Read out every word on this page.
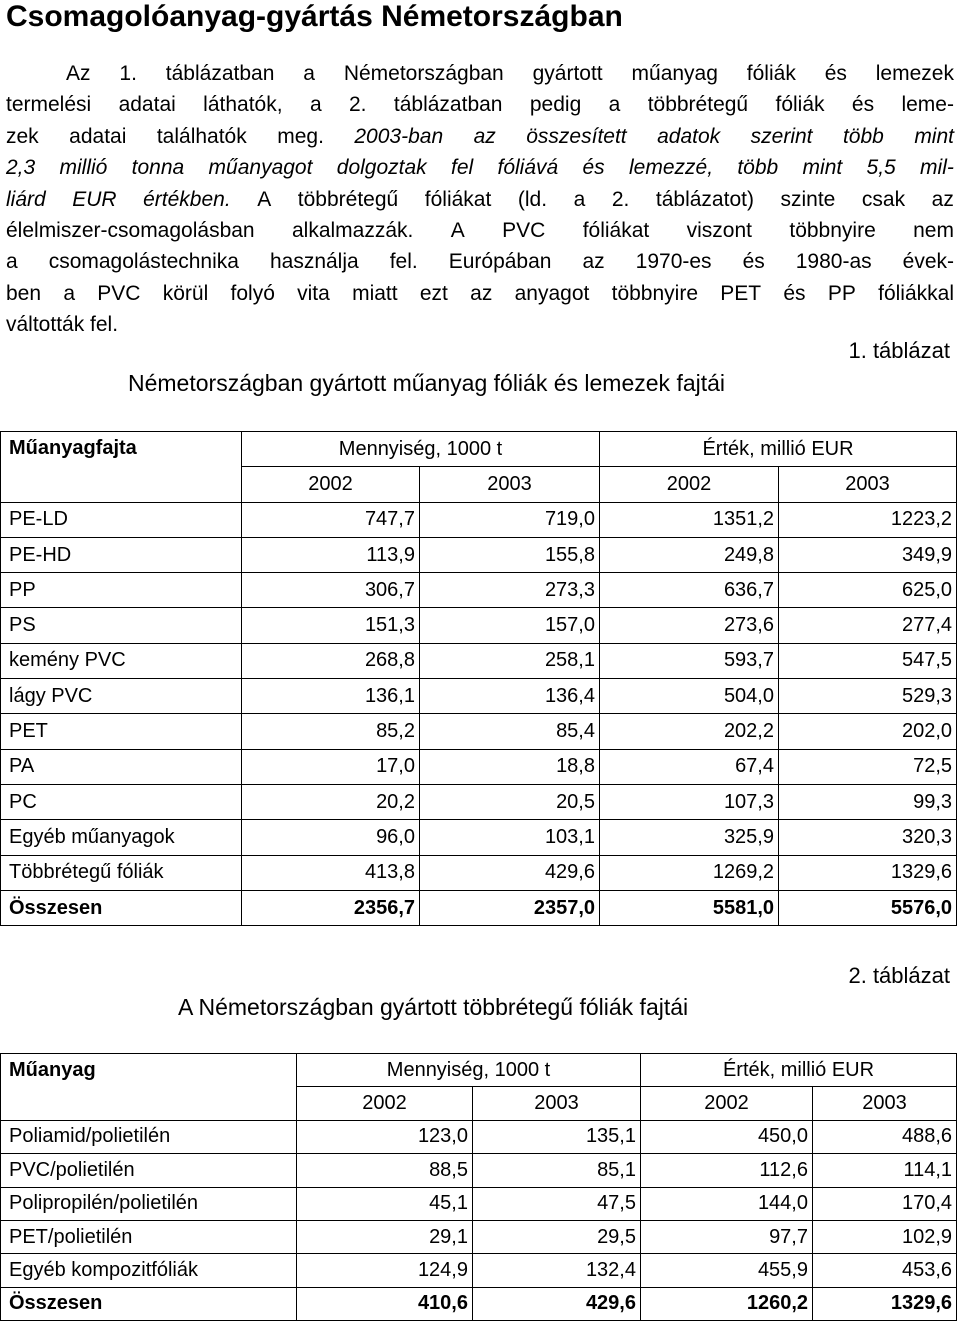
Csomagolóanyag-gyártás Németországban
Az 1. táblázatban a Németországban gyártott műanyag fóliák és lemezek
termelési adatai láthatók, a 2. táblázatban pedig a többrétegű fóliák és leme-
zek adatai találhatók meg. 2003-ban az összesített adatok szerint több mint
2,3 millió tonna műanyagot dolgoztak fel fóliává és lemezzé, több mint 5,5 mil-
liárd EUR értékben. A többrétegű fóliákat (ld. a 2. táblázatot) szinte csak az
élelmiszer-csomagolásban alkalmazzák. A PVC fóliákat viszont többnyire nem
a csomagolástechnika használja fel. Európában az 1970-es és 1980-as évek-
ben a PVC körül folyó vita miatt ezt az anyagot többnyire PET és PP fóliákkal
váltották fel.
1. táblázat
Németországban gyártott műanyag fóliák és lemezek fajtái
Műanyagfajta	Mennyiség, 1000 t		Érték, millió EUR	
	2002	2003	2002	2003
PE-LD	747,7	719,0	1351,2	1223,2
PE-HD	113,9	155,8	249,8	349,9
PP	306,7	273,3	636,7	625,0
PS	151,3	157,0	273,6	277,4
kemény PVC	268,8	258,1	593,7	547,5
lágy PVC	136,1	136,4	504,0	529,3
PET	85,2	85,4	202,2	202,0
PA	17,0	18,8	67,4	72,5
PC	20,2	20,5	107,3	99,3
Egyéb műanyagok	96,0	103,1	325,9	320,3
Többrétegű fóliák	413,8	429,6	1269,2	1329,6
Összesen	2356,7	2357,0	5581,0	5576,0
2. táblázat
A Németországban gyártott többrétegű fóliák fajtái
Műanyag	Mennyiség, 1000 t		Érték, millió EUR	
	2002	2003	2002	2003
Poliamid/polietilén	123,0	135,1	450,0	488,6
PVC/polietilén	88,5	85,1	112,6	114,1
Polipropilén/polietilén	45,1	47,5	144,0	170,4
PET/polietilén	29,1	29,5	97,7	102,9
Egyéb kompozitfóliák	124,9	132,4	455,9	453,6
Összesen	410,6	429,6	1260,2	1329,6
